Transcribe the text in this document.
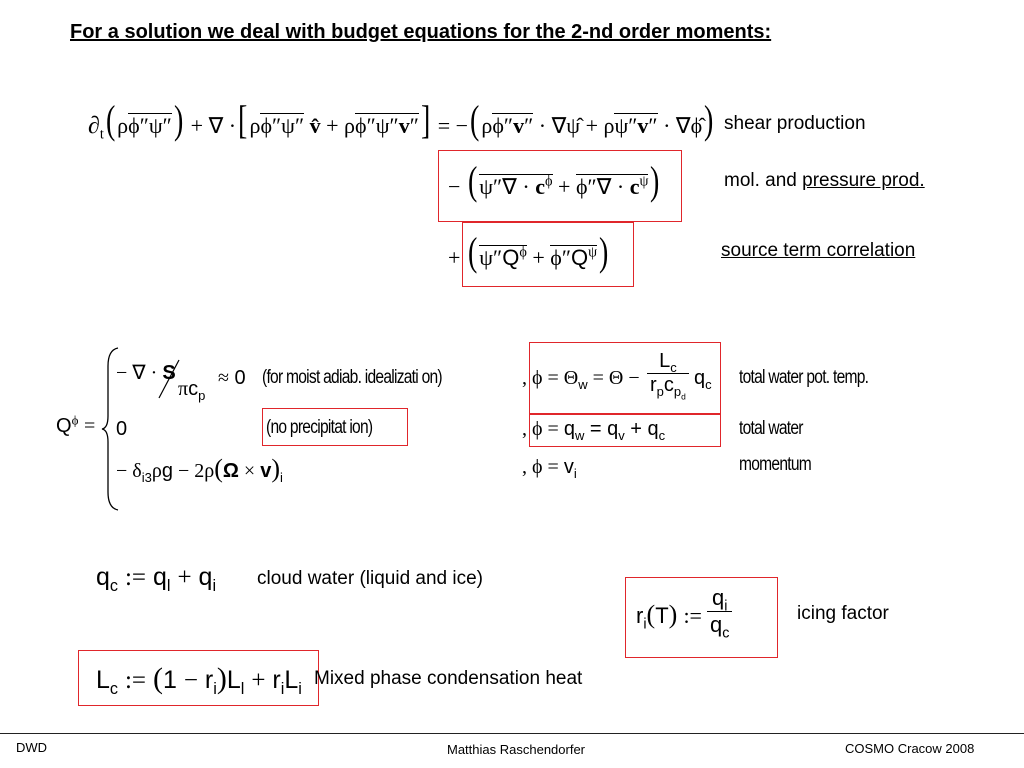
For a solution we deal with budget equations for the 2-nd order moments:
$\partial_t(\rho\phi''\psi'')$ + ∇ ·[ρϕ″ψ″ v̂ + ρϕ″ψ″v″] = −(ρϕ″v″ · ∇ψ̂ + ρψ″v″ · ∇ϕ̂) shear production
− $(\psi''\nabla \cdot c^\phi + \phi''\nabla \cdot c^\psi)$	mol. and pressure prod.
+ $(\psi''Q^\phi + \phi''Q^\psi)$	source term correlation
$Q^\phi$ =
− ∇ · S
$\pi c_p$
≈ 0 (for moist adiab. idealizati on)	, $\phi = \Theta_w = \Theta - \frac{L_c}{r_pc_{p_d}} q_c$ total water pot. temp.
0	(no precipitat ion)	, $\phi = q_w = q_v + q_c$	total water
− $\delta_{i3}\rho g - 2\rho(\Omega \times v)_i$	, $\phi = v_i$	momentum
$q_c$ := $q_l + q_i$ cloud water (liquid and ice)
$r_i(T)$ := $\frac{q_i}{q_c}$	icing factor
$L_c$ := $(1 - r_i)L_l + r_iL_i$ Mixed phase condensation heat
DWD	Matthias Raschendorfer	COSMO Cracow 2008
